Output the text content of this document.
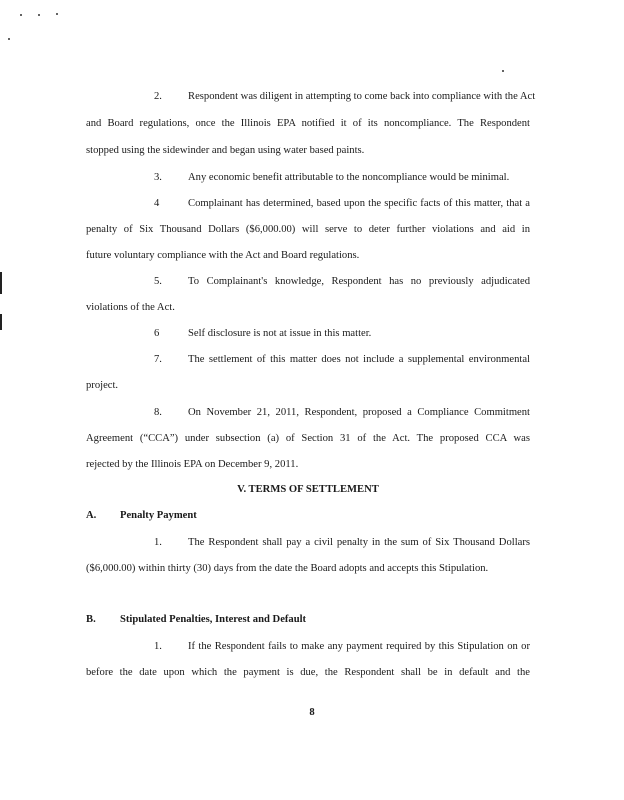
2. Respondent was diligent in attempting to come back into compliance with the Act
and Board regulations, once the Illinois EPA notified it of its noncompliance. The Respondent
stopped using the sidewinder and began using water based paints.
3. Any economic benefit attributable to the noncompliance would be minimal.
4	Complainant has determined, based upon the specific facts of this matter, that a
penalty of Six Thousand Dollars ($6,000.00) will serve to deter further violations and aid in
future voluntary compliance with the Act and Board regulations.
5. To Complainant's knowledge, Respondent has no previously adjudicated
violations of the Act.
6	Self disclosure is not at issue in this matter.
7. The settlement of this matter does not include a supplemental environmental
project.
8. On November 21, 2011, Respondent, proposed a Compliance Commitment
Agreement (“CCA”) under subsection (a) of Section 31 of the Act. The proposed CCA was
rejected by the Illinois EPA on December 9, 2011.
V. TERMS OF SETTLEMENT
A. Penalty Payment
1. The Respondent shall pay a civil penalty in the sum of Six Thousand Dollars
($6,000.00) within thirty (30) days from the date the Board adopts and accepts this Stipulation.
B. Stipulated Penalties, Interest and Default
1. If the Respondent fails to make any payment required by this Stipulation on or
before the date upon which the payment is due, the Respondent shall be in default and the
8
